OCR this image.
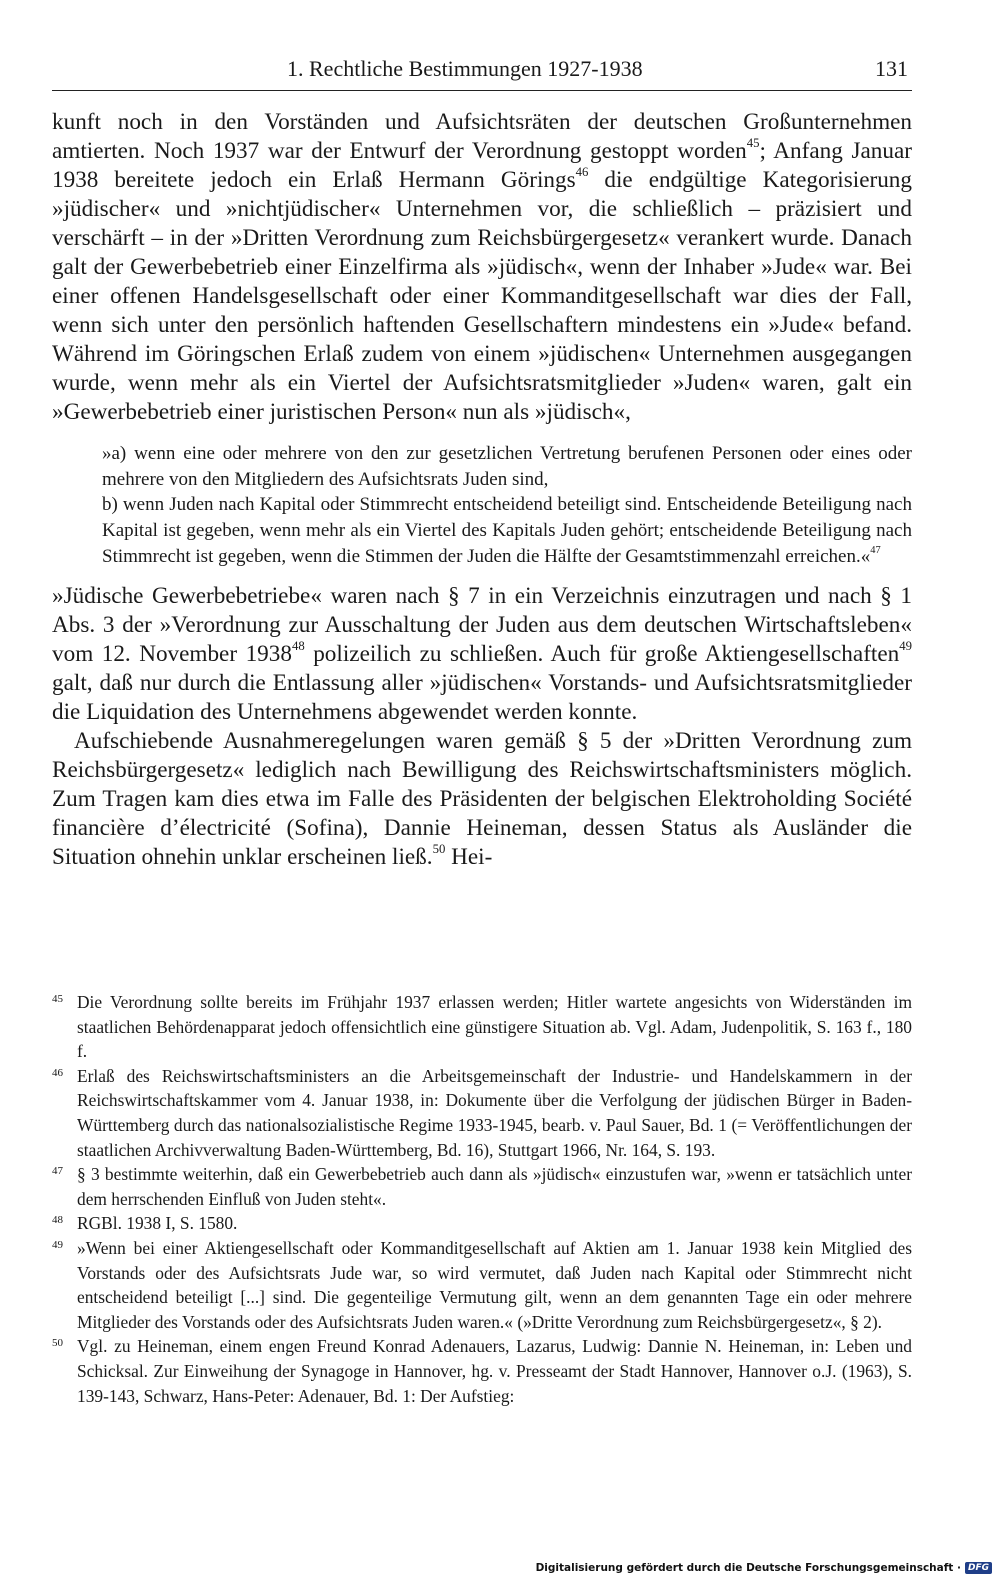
1. Rechtliche Bestimmungen 1927-1938	131

kunft noch in den Vorständen und Aufsichtsräten der deutschen Großunternehmen amtierten. Noch 1937 war der Entwurf der Verordnung gestoppt worden$^{45}$; Anfang Januar 1938 bereitete jedoch ein Erlaß Hermann Görings$^{46}$ die endgültige Kategorisierung »jüdischer« und »nichtjüdischer« Unternehmen vor, die schließlich – präzisiert und verschärft – in der »Dritten Verordnung zum Reichsbürgergesetz« verankert wurde. Danach galt der Gewerbebetrieb einer Einzelfirma als »jüdisch«, wenn der Inhaber »Jude« war. Bei einer offenen Handelsgesellschaft oder einer Kommanditgesellschaft war dies der Fall, wenn sich unter den persönlich haftenden Gesellschaftern mindestens ein »Jude« befand. Während im Göringschen Erlaß zudem von einem »jüdischen« Unternehmen ausgegangen wurde, wenn mehr als ein Viertel der Aufsichtsratsmitglieder »Juden« waren, galt ein »Gewerbebetrieb einer juristischen Person« nun als »jüdisch«,

»a) wenn eine oder mehrere von den zur gesetzlichen Vertretung berufenen Personen oder eines oder mehrere von den Mitgliedern des Aufsichtsrats Juden sind,

b) wenn Juden nach Kapital oder Stimmrecht entscheidend beteiligt sind. Entscheidende Beteiligung nach Kapital ist gegeben, wenn mehr als ein Viertel des Kapitals Juden gehört; entscheidende Beteiligung nach Stimmrecht ist gegeben, wenn die Stimmen der Juden die Hälfte der Gesamtstimmenzahl erreichen.«$^{47}$

»Jüdische Gewerbebetriebe« waren nach § 7 in ein Verzeichnis einzutragen und nach § 1 Abs. 3 der »Verordnung zur Ausschaltung der Juden aus dem deutschen Wirtschaftsleben« vom 12. November 1938$^{48}$ polizeilich zu schließen. Auch für große Aktiengesellschaften$^{49}$ galt, daß nur durch die Entlassung aller »jüdischen« Vorstands- und Aufsichtsratsmitglieder die Liquidation des Unternehmens abgewendet werden konnte.

Aufschiebende Ausnahmeregelungen waren gemäß § 5 der »Dritten Verordnung zum Reichsbürgergesetz« lediglich nach Bewilligung des Reichswirtschaftsministers möglich. Zum Tragen kam dies etwa im Falle des Präsidenten der belgischen Elektroholding Société financière d’électricité (Sofina), Dannie Heineman, dessen Status als Ausländer die Situation ohnehin unklar erscheinen ließ.$^{50}$ Hei-

45 Die Verordnung sollte bereits im Frühjahr 1937 erlassen werden; Hitler wartete angesichts von Widerständen im staatlichen Behördenapparat jedoch offensichtlich eine günstigere Situation ab. Vgl. Adam, Judenpolitik, S. 163 f., 180 f.
46 Erlaß des Reichswirtschaftsministers an die Arbeitsgemeinschaft der Industrie- und Handelskammern in der Reichswirtschaftskammer vom 4. Januar 1938, in: Dokumente über die Verfolgung der jüdischen Bürger in Baden-Württemberg durch das nationalsozialistische Regime 1933-1945, bearb. v. Paul Sauer, Bd. 1 (= Veröffentlichungen der staatlichen Archivverwaltung Baden-Württemberg, Bd. 16), Stuttgart 1966, Nr. 164, S. 193.
47 § 3 bestimmte weiterhin, daß ein Gewerbebetrieb auch dann als »jüdisch« einzustufen war, »wenn er tatsächlich unter dem herrschenden Einfluß von Juden steht«.
48 RGBl. 1938 I, S. 1580.
49 »Wenn bei einer Aktiengesellschaft oder Kommanditgesellschaft auf Aktien am 1. Januar 1938 kein Mitglied des Vorstands oder des Aufsichtsrats Jude war, so wird vermutet, daß Juden nach Kapital oder Stimmrecht nicht entscheidend beteiligt [...] sind. Die gegenteilige Vermutung gilt, wenn an dem genannten Tage ein oder mehrere Mitglieder des Vorstands oder des Aufsichtsrats Juden waren.« (»Dritte Verordnung zum Reichsbürgergesetz«, § 2).
50 Vgl. zu Heineman, einem engen Freund Konrad Adenauers, Lazarus, Ludwig: Dannie N. Heineman, in: Leben und Schicksal. Zur Einweihung der Synagoge in Hannover, hg. v. Presseamt der Stadt Hannover, Hannover o.J. (1963), S. 139-143, Schwarz, Hans-Peter: Adenauer, Bd. 1: Der Aufstieg:
Digitalisierung gefördert durch die Deutsche Forschungsgemeinschaft · DFG
